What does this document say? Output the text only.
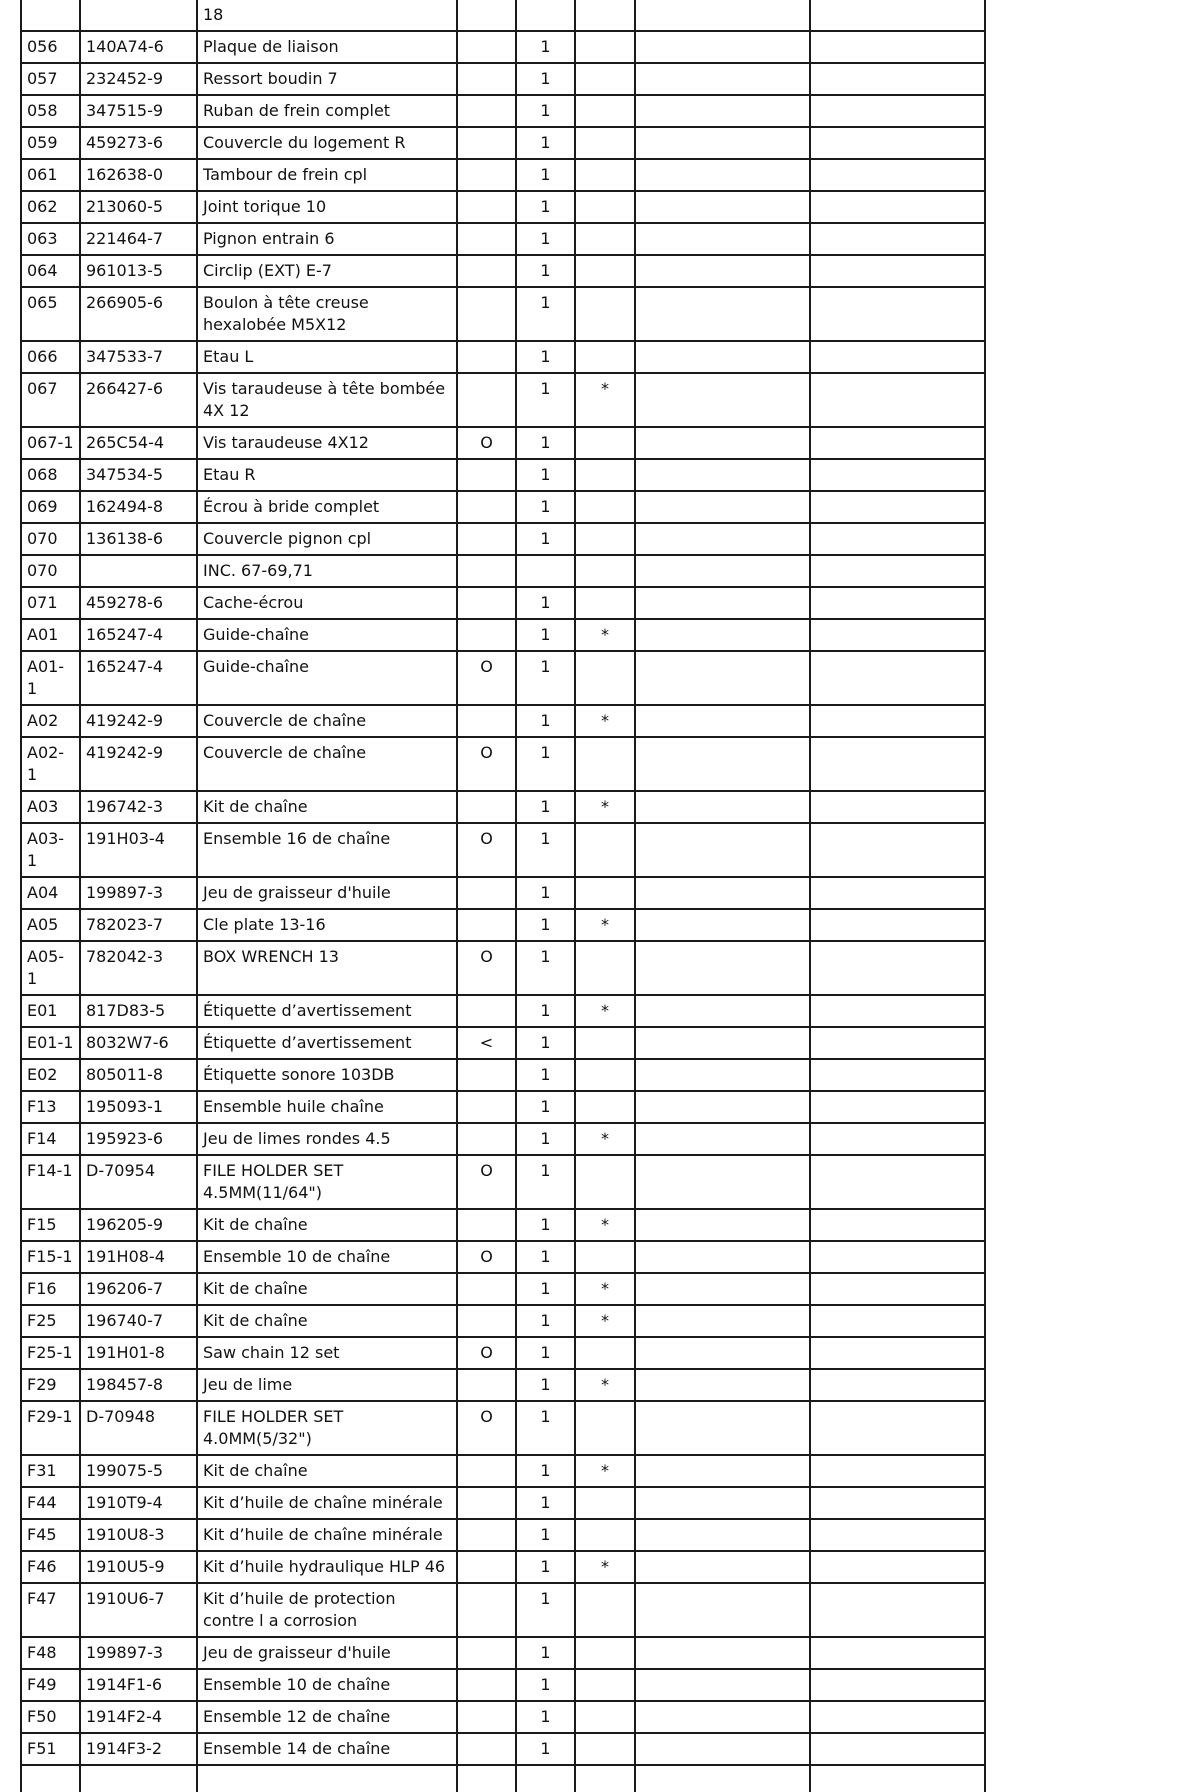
		18					
056	140A74-6	Plaque de liaison		1			
057	232452-9	Ressort boudin 7		1			
058	347515-9	Ruban de frein complet		1			
059	459273-6	Couvercle du logement R		1			
061	162638-0	Tambour de frein cpl		1			
062	213060-5	Joint torique 10		1			
063	221464-7	Pignon entrain 6		1			
064	961013-5	Circlip (EXT) E-7		1			
065	266905-6	Boulon à tête creuse hexalobée M5X12		1			
066	347533-7	Etau L		1			
067	266427-6	Vis taraudeuse à tête bombée 4X 12		1	*		
067-1	265C54-4	Vis taraudeuse 4X12	O	1			
068	347534-5	Etau R		1			
069	162494-8	Écrou à bride complet		1			
070	136138-6	Couvercle pignon cpl		1			
070		INC. 67-69,71					
071	459278-6	Cache-écrou		1			
A01	165247-4	Guide-chaîne		1	*		
A01-1	165247-4	Guide-chaîne	O	1			
A02	419242-9	Couvercle de chaîne		1	*		
A02-1	419242-9	Couvercle de chaîne	O	1			
A03	196742-3	Kit de chaîne		1	*		
A03-1	191H03-4	Ensemble 16 de chaîne	O	1			
A04	199897-3	Jeu de graisseur d'huile		1			
A05	782023-7	Cle plate 13-16		1	*		
A05-1	782042-3	BOX WRENCH 13	O	1			
E01	817D83-5	Étiquette d’avertissement		1	*		
E01-1	8032W7-6	Étiquette d’avertissement	<	1			
E02	805011-8	Étiquette sonore 103DB		1			
F13	195093-1	Ensemble huile chaîne		1			
F14	195923-6	Jeu de limes rondes 4.5		1	*		
F14-1	D-70954	FILE HOLDER SET 4.5MM(11/64")	O	1			
F15	196205-9	Kit de chaîne		1	*		
F15-1	191H08-4	Ensemble 10 de chaîne	O	1			
F16	196206-7	Kit de chaîne		1	*		
F25	196740-7	Kit de chaîne		1	*		
F25-1	191H01-8	Saw chain 12 set	O	1			
F29	198457-8	Jeu de lime		1	*		
F29-1	D-70948	FILE HOLDER SET 4.0MM(5/32")	O	1			
F31	199075-5	Kit de chaîne		1	*		
F44	1910T9-4	Kit d’huile de chaîne minérale		1			
F45	1910U8-3	Kit d’huile de chaîne minérale		1			
F46	1910U5-9	Kit d’huile hydraulique HLP 46		1	*		
F47	1910U6-7	Kit d’huile de protection contre l a corrosion		1			
F48	199897-3	Jeu de graisseur d'huile		1			
F49	1914F1-6	Ensemble 10 de chaîne		1			
F50	1914F2-4	Ensemble 12 de chaîne		1			
F51	1914F3-2	Ensemble 14 de chaîne		1			
